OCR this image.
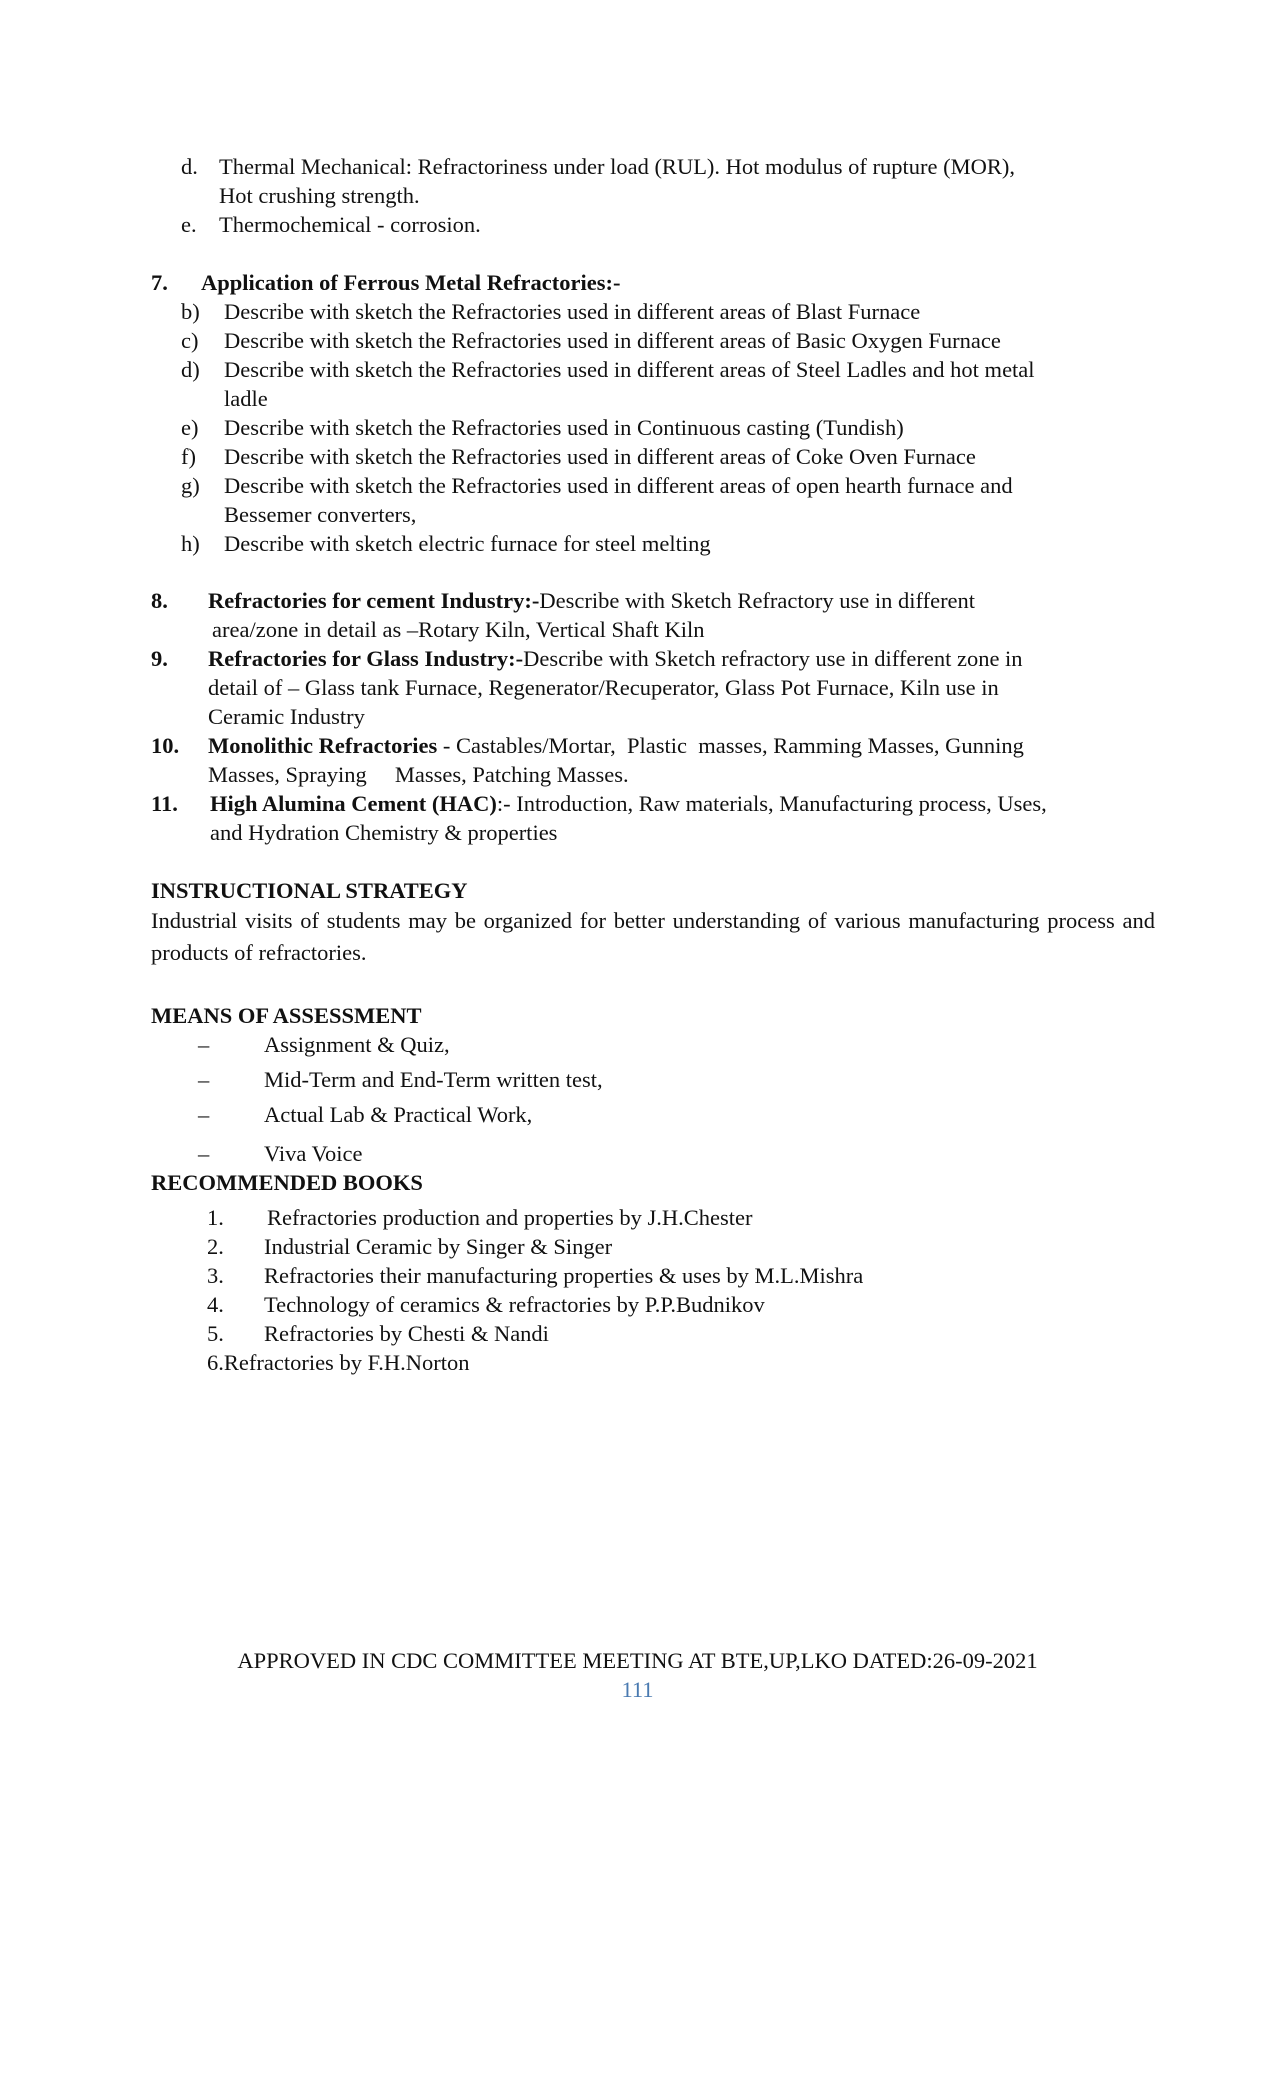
d. Thermal Mechanical: Refractoriness under load (RUL). Hot modulus of rupture (MOR),
Hot crushing strength.
e. Thermochemical - corrosion.
7. Application of Ferrous Metal Refractories:-
b) Describe with sketch the Refractories used in different areas of Blast Furnace
c) Describe with sketch the Refractories used in different areas of Basic Oxygen Furnace
d) Describe with sketch the Refractories used in different areas of Steel Ladles and hot metal
ladle
e) Describe with sketch the Refractories used in Continuous casting (Tundish)
f) Describe with sketch the Refractories used in different areas of Coke Oven Furnace
g) Describe with sketch the Refractories used in different areas of open hearth furnace and
Bessemer converters,
h) Describe with sketch electric furnace for steel melting
8. Refractories for cement Industry:-Describe with Sketch Refractory use in different
area/zone in detail as –Rotary Kiln, Vertical Shaft Kiln
9. Refractories for Glass Industry:-Describe with Sketch refractory use in different zone in
detail of – Glass tank Furnace, Regenerator/Recuperator, Glass Pot Furnace, Kiln use in
Ceramic Industry
10. Monolithic Refractories - Castables/Mortar,  Plastic  masses, Ramming Masses, Gunning
Masses, Spraying     Masses, Patching Masses.
11. High Alumina Cement (HAC):- Introduction, Raw materials, Manufacturing process, Uses,
and Hydration Chemistry & properties
INSTRUCTIONAL STRATEGY
Industrial visits of students may be organized for better understanding of various manufacturing process and products of refractories.
MEANS OF ASSESSMENT
– Assignment & Quiz,
– Mid-Term and End-Term written test,
– Actual Lab & Practical Work,
– Viva Voice
RECOMMENDED BOOKS
1. Refractories production and properties by J.H.Chester
2. Industrial Ceramic by Singer & Singer
3. Refractories their manufacturing properties & uses by M.L.Mishra
4. Technology of ceramics & refractories by P.P.Budnikov
5. Refractories by Chesti & Nandi
6.Refractories by F.H.Norton
APPROVED IN CDC COMMITTEE MEETING AT BTE,UP,LKO DATED:26-09-2021
111
